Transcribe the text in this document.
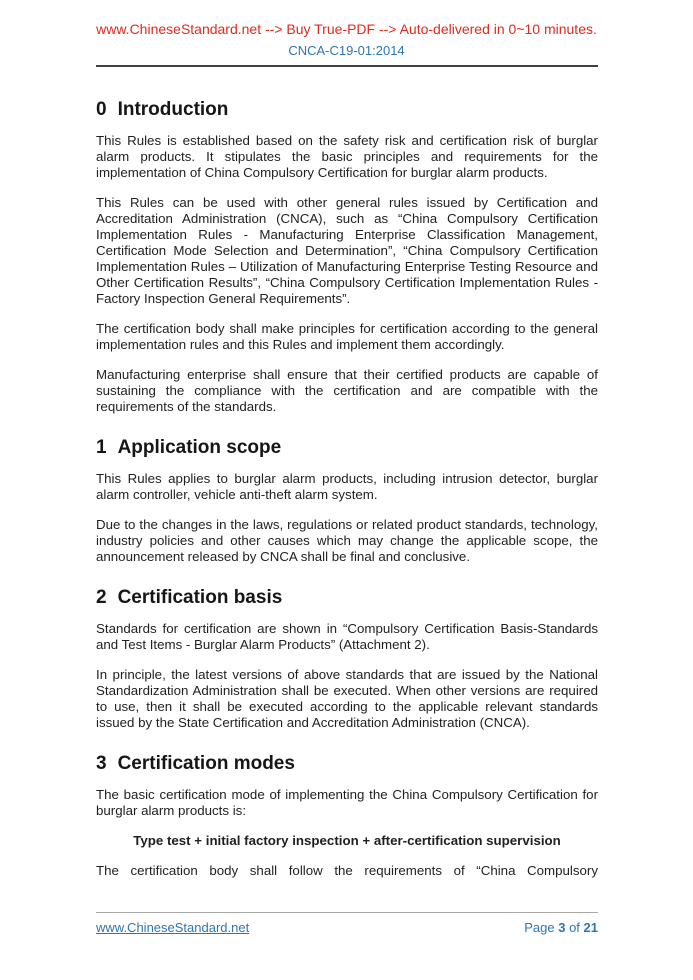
www.ChineseStandard.net --> Buy True-PDF --> Auto-delivered in 0~10 minutes.
CNCA-C19-01:2014
0 Introduction

This Rules is established based on the safety risk and certification risk of burglar alarm products. It stipulates the basic principles and requirements for the implementation of China Compulsory Certification for burglar alarm products.

This Rules can be used with other general rules issued by Certification and Accreditation Administration (CNCA), such as “China Compulsory Certification Implementation Rules - Manufacturing Enterprise Classification Management, Certification Mode Selection and Determination”, “China Compulsory Certification Implementation Rules – Utilization of Manufacturing Enterprise Testing Resource and Other Certification Results”, “China Compulsory Certification Implementation Rules - Factory Inspection General Requirements”.

The certification body shall make principles for certification according to the general implementation rules and this Rules and implement them accordingly.

Manufacturing enterprise shall ensure that their certified products are capable of sustaining the compliance with the certification and are compatible with the requirements of the standards.

1 Application scope

This Rules applies to burglar alarm products, including intrusion detector, burglar alarm controller, vehicle anti-theft alarm system.

Due to the changes in the laws, regulations or related product standards, technology, industry policies and other causes which may change the applicable scope, the announcement released by CNCA shall be final and conclusive.

2 Certification basis

Standards for certification are shown in “Compulsory Certification Basis-Standards and Test Items - Burglar Alarm Products” (Attachment 2).

In principle, the latest versions of above standards that are issued by the National Standardization Administration shall be executed. When other versions are required to use, then it shall be executed according to the applicable relevant standards issued by the State Certification and Accreditation Administration (CNCA).

3 Certification modes

The basic certification mode of implementing the China Compulsory Certification for burglar alarm products is:

Type test + initial factory inspection + after-certification supervision

The certification body shall follow the requirements of “China Compulsory

www.ChineseStandard.net	Page 3 of 21
